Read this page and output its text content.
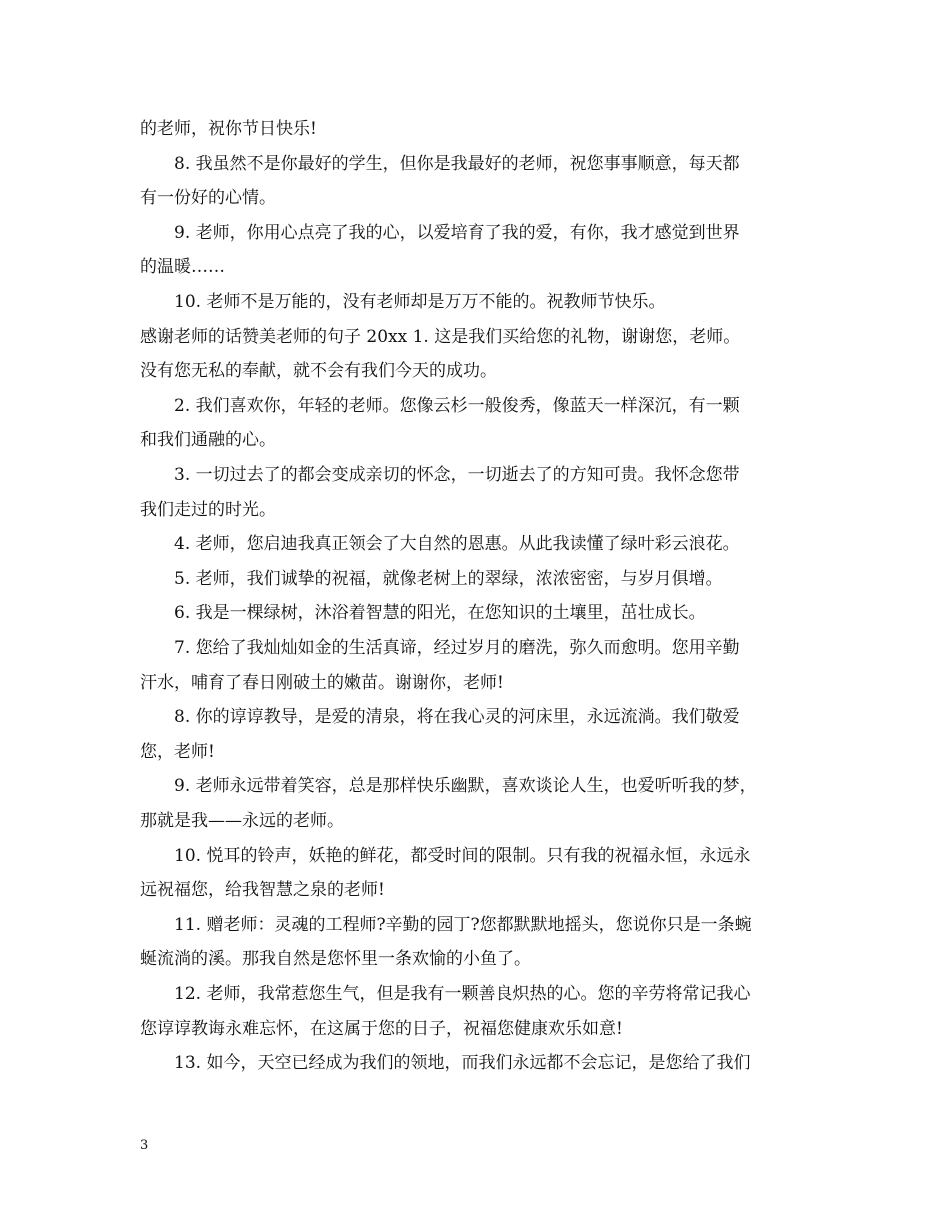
的老师，祝你节日快乐!
8. 我虽然不是你最好的学生，但你是我最好的老师，祝您事事顺意，每天都
有一份好的心情。
9. 老师，你用心点亮了我的心，以爱培育了我的爱，有你，我才感觉到世界
的温暖……
10. 老师不是万能的，没有老师却是万万不能的。祝教师节快乐。
感谢老师的话赞美老师的句子 20xx 1. 这是我们买给您的礼物，谢谢您，老师。
没有您无私的奉献，就不会有我们今天的成功。
2. 我们喜欢你，年轻的老师。您像云杉一般俊秀，像蓝天一样深沉，有一颗
和我们通融的心。
3. 一切过去了的都会变成亲切的怀念，一切逝去了的方知可贵。我怀念您带
我们走过的时光。
4. 老师，您启迪我真正领会了大自然的恩惠。从此我读懂了绿叶彩云浪花。
5. 老师，我们诚挚的祝福，就像老树上的翠绿，浓浓密密，与岁月俱增。
6. 我是一棵绿树，沐浴着智慧的阳光，在您知识的土壤里，茁壮成长。
7. 您给了我灿灿如金的生活真谛，经过岁月的磨洗，弥久而愈明。您用辛勤
汗水，哺育了春日刚破土的嫩苗。谢谢你，老师!
8. 你的谆谆教导，是爱的清泉，将在我心灵的河床里，永远流淌。我们敬爱
您，老师!
9. 老师永远带着笑容，总是那样快乐幽默，喜欢谈论人生，也爱听听我的梦，
那就是我——永远的老师。
10. 悦耳的铃声，妖艳的鲜花，都受时间的限制。只有我的祝福永恒，永远永
远祝福您，给我智慧之泉的老师!
11. 赠老师：灵魂的工程师?辛勤的园丁?您都默默地摇头，您说你只是一条蜿
蜒流淌的溪。那我自然是您怀里一条欢愉的小鱼了。
12. 老师，我常惹您生气，但是我有一颗善良炽热的心。您的辛劳将常记我心
您谆谆教诲永难忘怀，在这属于您的日子，祝福您健康欢乐如意!
13. 如今，天空已经成为我们的领地，而我们永远都不会忘记，是您给了我们
3
